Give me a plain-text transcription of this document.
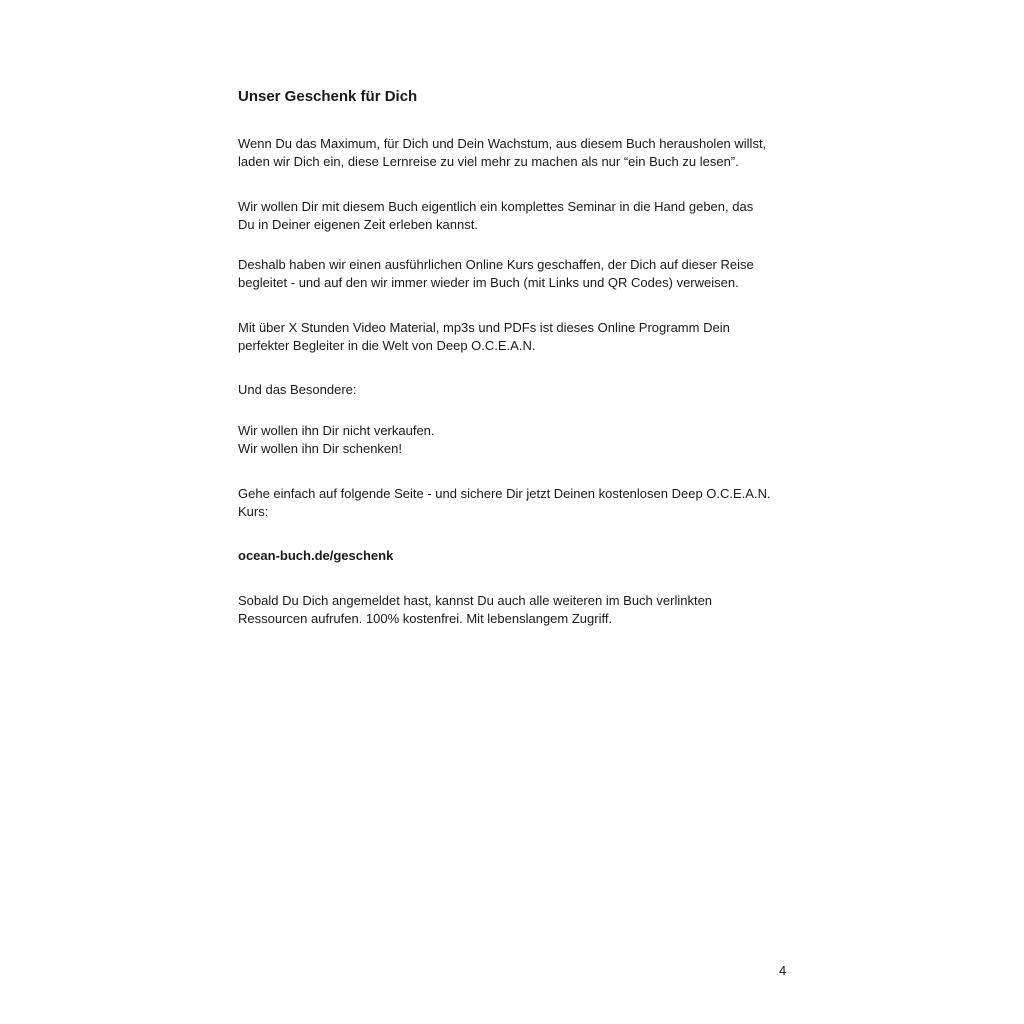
Unser Geschenk für Dich

Wenn Du das Maximum, für Dich und Dein Wachstum, aus diesem Buch herausholen willst,
laden wir Dich ein, diese Lernreise zu viel mehr zu machen als nur “ein Buch zu lesen”.

Wir wollen Dir mit diesem Buch eigentlich ein komplettes Seminar in die Hand geben, das
Du in Deiner eigenen Zeit erleben kannst.

Deshalb haben wir einen ausführlichen Online Kurs geschaffen, der Dich auf dieser Reise
begleitet - und auf den wir immer wieder im Buch (mit Links und QR Codes) verweisen.

Mit über X Stunden Video Material, mp3s und PDFs ist dieses Online Programm Dein
perfekter Begleiter in die Welt von Deep O.C.E.A.N.

Und das Besondere:

Wir wollen ihn Dir nicht verkaufen.
Wir wollen ihn Dir schenken!

Gehe einfach auf folgende Seite - und sichere Dir jetzt Deinen kostenlosen Deep O.C.E.A.N.
Kurs:

ocean-buch.de/geschenk

Sobald Du Dich angemeldet hast, kannst Du auch alle weiteren im Buch verlinkten
Ressourcen aufrufen. 100% kostenfrei. Mit lebenslangem Zugriff.

4
